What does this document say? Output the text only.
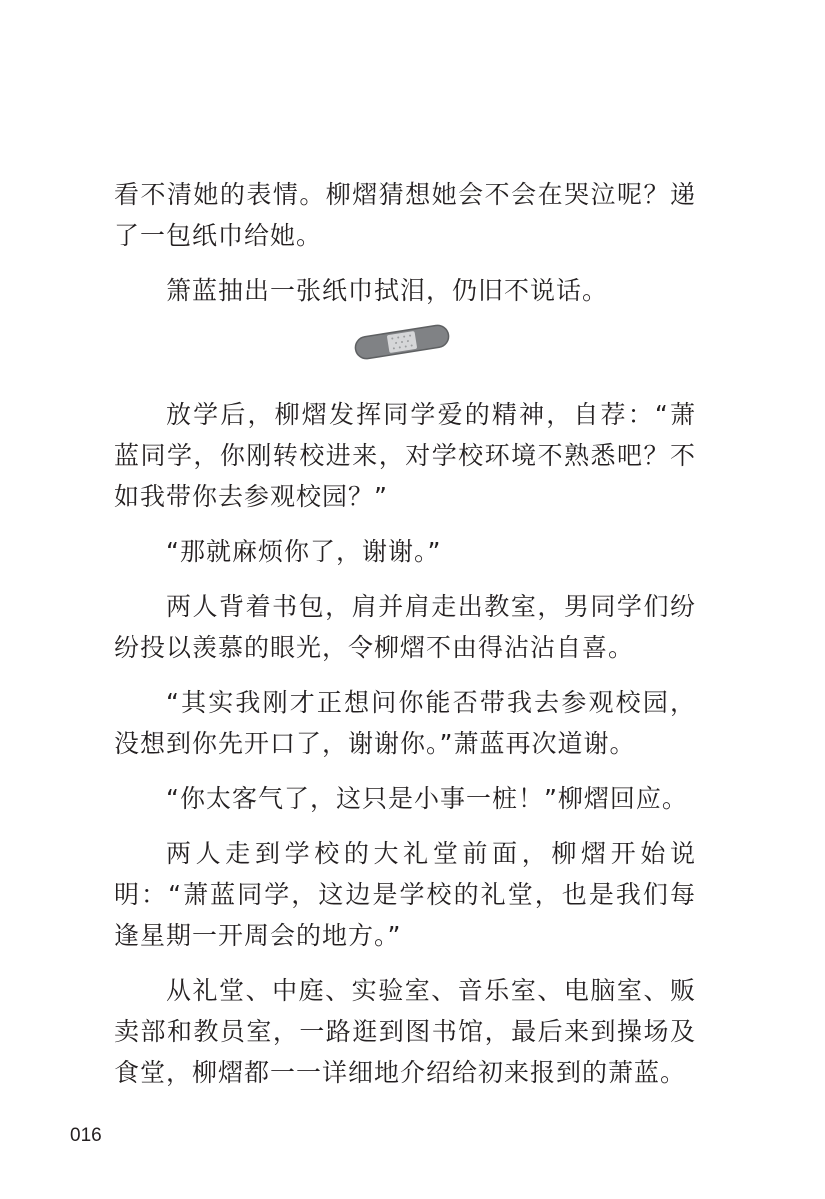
看不清她的表情。柳熠猜想她会不会在哭泣呢？递了一包纸巾给她。

箫蓝抽出一张纸巾拭泪，仍旧不说话。

放学后，柳熠发挥同学爱的精神，自荐：“萧蓝同学，你刚转校进来，对学校环境不熟悉吧？不如我带你去参观校园？”

“那就麻烦你了，谢谢。”

两人背着书包，肩并肩走出教室，男同学们纷纷投以羡慕的眼光，令柳熠不由得沾沾自喜。

“其实我刚才正想问你能否带我去参观校园，没想到你先开口了，谢谢你。”萧蓝再次道谢。

“你太客气了，这只是小事一桩！”柳熠回应。

两人走到学校的大礼堂前面，柳熠开始说明：“萧蓝同学，这边是学校的礼堂，也是我们每逢星期一开周会的地方。”

从礼堂、中庭、实验室、音乐室、电脑室、贩卖部和教员室，一路逛到图书馆，最后来到操场及食堂，柳熠都一一详细地介绍给初来报到的萧蓝。

016
